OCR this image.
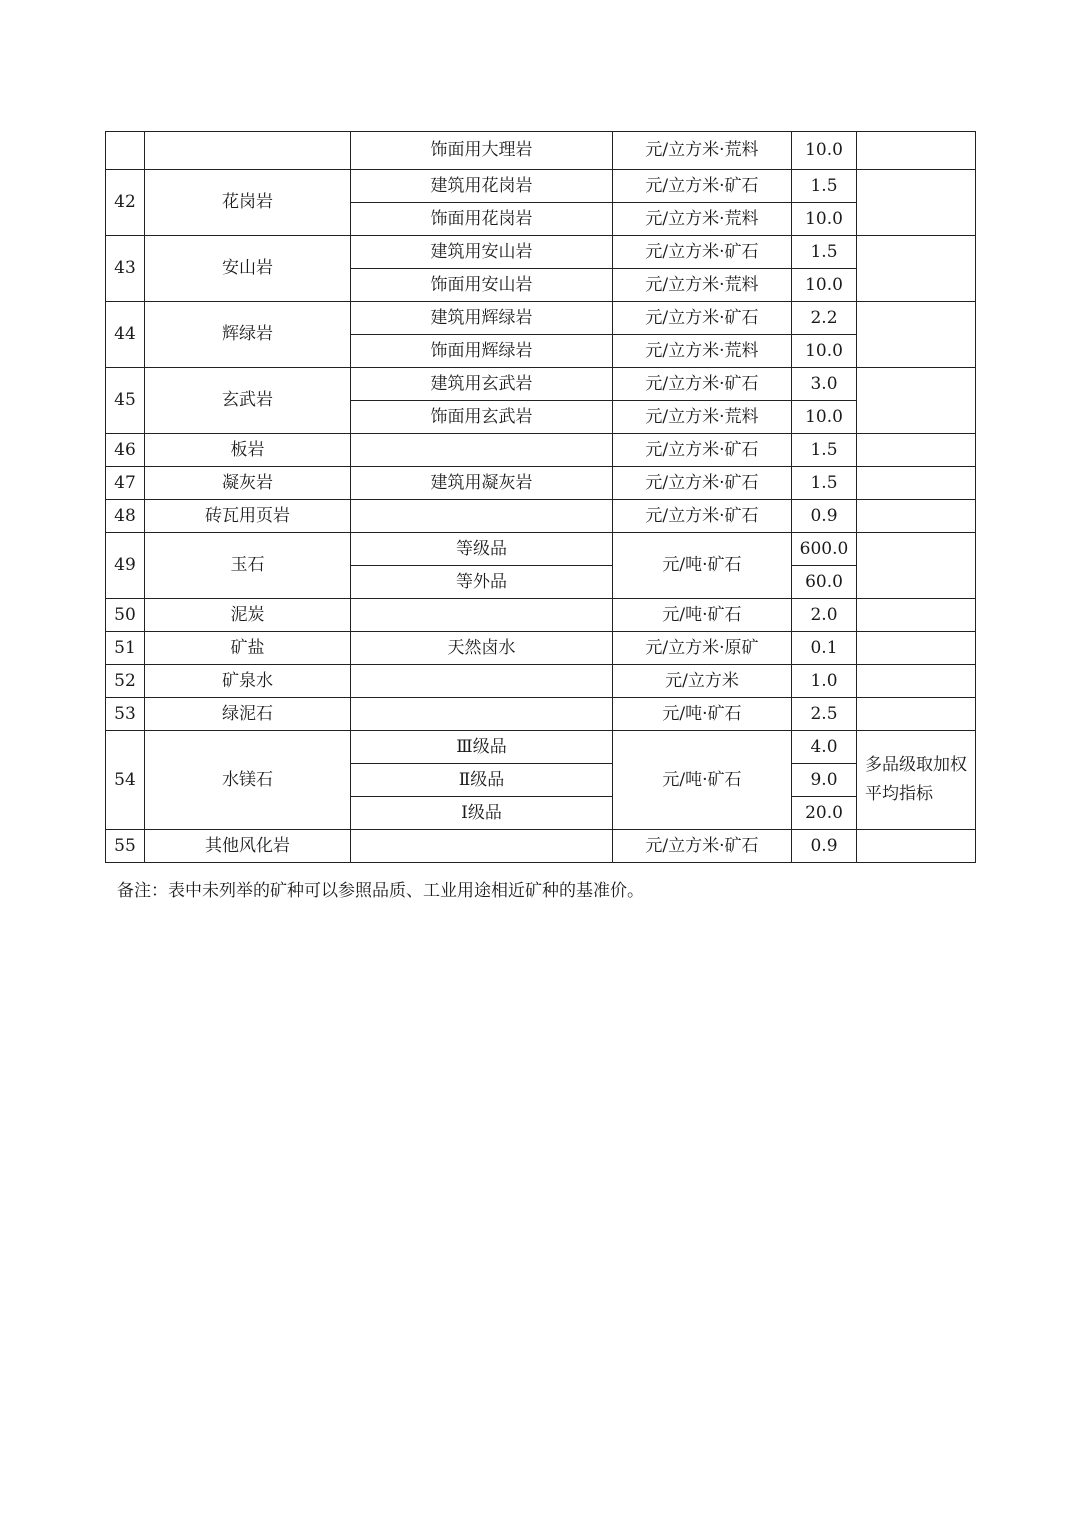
		饰面用大理岩	元/立方米·荒料	10.0	
42	花岗岩	建筑用花岗岩	元/立方米·矿石	1.5	
		饰面用花岗岩	元/立方米·荒料	10.0	
43	安山岩	建筑用安山岩	元/立方米·矿石	1.5	
		饰面用安山岩	元/立方米·荒料	10.0	
44	辉绿岩	建筑用辉绿岩	元/立方米·矿石	2.2	
		饰面用辉绿岩	元/立方米·荒料	10.0	
45	玄武岩	建筑用玄武岩	元/立方米·矿石	3.0	
		饰面用玄武岩	元/立方米·荒料	10.0	
46	板岩		元/立方米·矿石	1.5	
47	凝灰岩	建筑用凝灰岩	元/立方米·矿石	1.5	
48	砖瓦用页岩		元/立方米·矿石	0.9	
49	玉石	等级品	元/吨·矿石	600.0	
		等外品		60.0	
50	泥炭		元/吨·矿石	2.0	
51	矿盐	天然卤水	元/立方米·原矿	0.1	
52	矿泉水		元/立方米	1.0	
53	绿泥石		元/吨·矿石	2.5	
54	水镁石	Ⅲ级品	元/吨·矿石	4.0	多品级取加权平均指标
		Ⅱ级品		9.0	
		Ⅰ级品		20.0	
55	其他风化岩		元/立方米·矿石	0.9	
备注：表中未列举的矿种可以参照品质、工业用途相近矿种的基准价。
